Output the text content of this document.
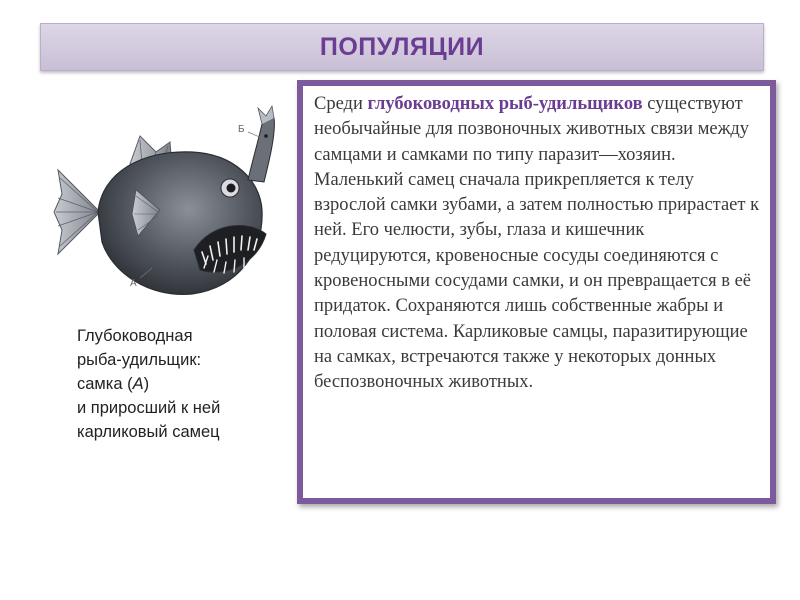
ПОПУЛЯЦИИ
Б
А
Глубоководная
рыба-удильщик:
самка (А)
и приросший к ней
карликовый самец
Среди глубоководных рыб-удильщиков существуют необычайные для позвоночных животных связи между самцами и самками по типу паразит—хозяин. Маленький самец сначала прикрепляется к телу взрослой самки зубами, а затем полностью прирастает к ней. Его челюсти, зубы, глаза и кишечник редуцируются, кровеносные сосуды соединяются с кровеносными сосудами самки, и он превращается в её придаток. Сохраняются лишь собственные жабры и половая система. Карликовые самцы, паразитирующие на самках, встречаются также у некоторых донных беспозвоночных животных.
